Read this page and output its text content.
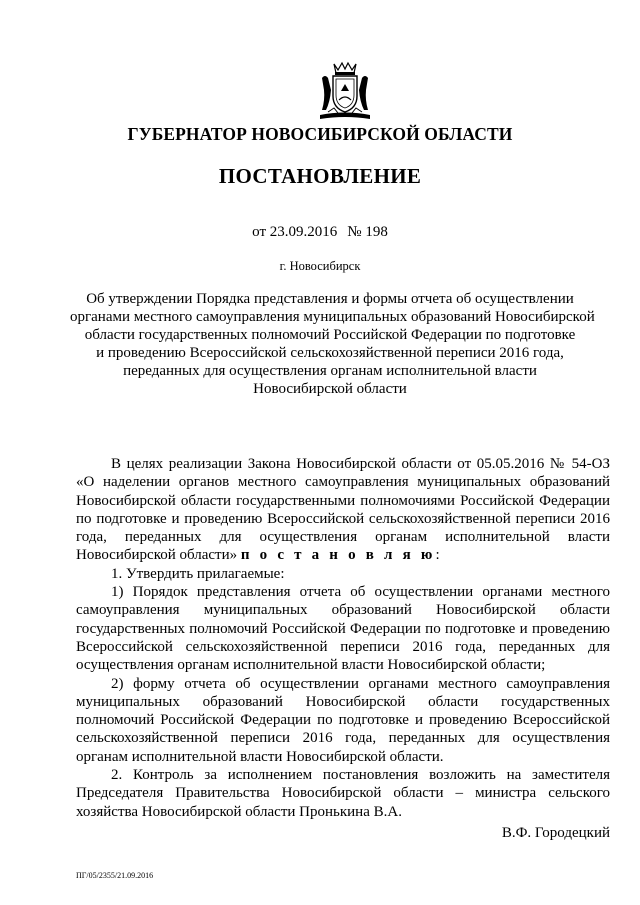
ГУБЕРНАТОР НОВОСИБИРСКОЙ ОБЛАСТИ
ПОСТАНОВЛЕНИЕ
от 23.09.2016 № 198
г. Новосибирск
Об утверждении Порядка представления и формы отчета об осуществлении
органами местного самоуправления муниципальных образований Новосибирской
области государственных полномочий Российской Федерации по подготовке
и проведению Всероссийской сельскохозяйственной переписи 2016 года,
переданных для осуществления органам исполнительной власти
Новосибирской области

В целях реализации Закона Новосибирской области от 05.05.2016 № 54-ОЗ «О наделении органов местного самоуправления муниципальных образований Новосибирской области государственными полномочиями Российской Федерации по подготовке и проведению Всероссийской сельскохозяйственной переписи 2016 года, переданных для осуществления органам исполнительной власти Новосибирской области» п о с т а н о в л я ю:

1. Утвердить прилагаемые:

1) Порядок представления отчета об осуществлении органами местного самоуправления муниципальных образований Новосибирской области государственных полномочий Российской Федерации по подготовке и проведению Всероссийской сельскохозяйственной переписи 2016 года, переданных для осуществления органам исполнительной власти Новосибирской области;

2) форму отчета об осуществлении органами местного самоуправления муниципальных образований Новосибирской области государственных полномочий Российской Федерации по подготовке и проведению Всероссийской сельскохозяйственной переписи 2016 года, переданных для осуществления органам исполнительной власти Новосибирской области.

2. Контроль за исполнением постановления возложить на заместителя Председателя Правительства Новосибирской области – министра сельского хозяйства Новосибирской области Пронькина В.А.

В.Ф. Городецкий
ПГ/05/2355/21.09.2016
